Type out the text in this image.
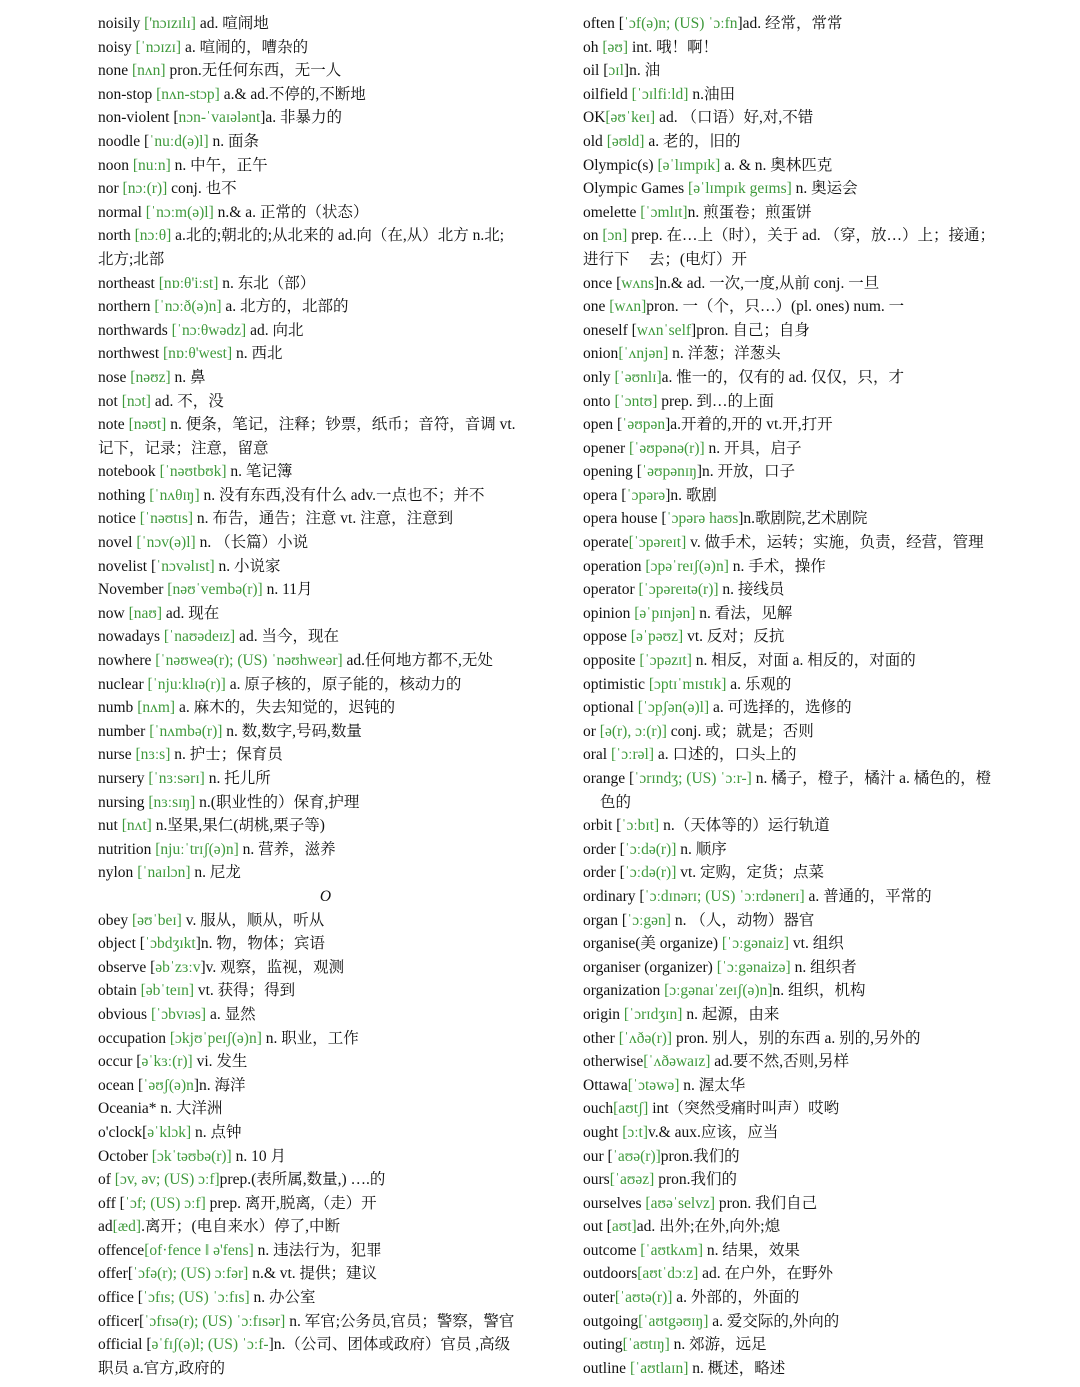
noisily ['nɔɪzɪlɪ] ad. 喧闹地
noisy [ˈnɔɪzɪ] a. 喧闹的，嘈杂的
none [nʌn] pron.无任何东西，无一人
non-stop [nʌn-stɔp] a.& ad.不停的,不断地
non-violent [nɔn-ˈvaɪələnt]a. 非暴力的
noodle [ˈnuːd(ə)l] n. 面条
noon [nuːn] n. 中午，正午
nor [nɔː(r)] conj. 也不
normal [ˈnɔːm(ə)l] n.& a. 正常的（状态）
north [nɔːθ] a.北的;朝北的;从北来的 ad.向（在,从）北方 n.北;
北方;北部
northeast [nɒːθ'iːst] n. 东北（部）
northern [ˈnɔːð(ə)n] a. 北方的，北部的
northwards [ˈnɔːθwədz] ad. 向北
northwest [nɒːθ'west] n. 西北
nose [nəʊz] n. 鼻
not [nɔt] ad. 不，没
note [nəʊt] n. 便条，笔记，注释；钞票，纸币；音符，音调 vt.
记下，记录；注意，留意
notebook [ˈnəʊtbʊk] n. 笔记簿
nothing [ˈnʌθɪŋ] n. 没有东西,没有什么 adv.一点也不；并不
notice [ˈnəʊtɪs] n. 布告，通告；注意 vt. 注意，注意到
novel [ˈnɔv(ə)l] n. （长篇）小说
novelist [ˈnɔvəlɪst] n. 小说家
November [nəʊˈvembə(r)] n. 11月
now [naʊ] ad. 现在
nowadays [ˈnaʊədeɪz] ad. 当今，现在
nowhere [ˈnəʊweə(r); (US) ˈnəʊhweər] ad.任何地方都不,无处
nuclear [ˈnjuːklɪə(r)] a. 原子核的，原子能的，核动力的
numb [nʌm] a. 麻木的，失去知觉的，迟钝的
number [ˈnʌmbə(r)] n. 数,数字,号码,数量
nurse [nɜːs] n. 护士；保育员
nursery [ˈnɜːsərɪ] n. 托儿所
nursing [nɜːsɪŋ] n.(职业性的）保育,护理
nut [nʌt] n.坚果,果仁(胡桃,栗子等)
nutrition [njuːˈtrɪʃ(ə)n] n. 营养，滋养
nylon [ˈnaɪlɔn] n. 尼龙
O
obey [əʊˈbeɪ] v. 服从，顺从，听从
object [ˈɔbdʒɪkt]n. 物，物体；宾语
observe [əbˈzɜːv]v. 观察，监视，观测
obtain [əbˈteɪn] vt. 获得；得到
obvious [ˈɔbvɪəs] a. 显然
occupation [ɔkjʊˈpeɪʃ(ə)n] n. 职业，工作
occur [əˈkɜː(r)] vi. 发生
ocean [ˈəʊʃ(ə)n]n. 海洋
Oceania* n. 大洋洲
o'clock[əˈklɔk] n. 点钟
October [ɔkˈtəʊbə(r)] n. 10 月
of [ɔv, əv; (US) ɔːf]prep.(表所属,数量,) ….的
off [ˈɔf; (US) ɔːf] prep. 离开,脱离,（走）开
ad[æd].离开；(电自来水）停了,中断
offence[of·fence ‖ ə'fens] n. 违法行为，犯罪
offer[ˈɔfə(r); (US) ɔːfər] n.& vt. 提供；建议
office [ˈɔfɪs; (US) ˈɔːfɪs] n. 办公室
officer[ˈɔfɪsə(r); (US) ˈɔːfɪsər] n. 军官;公务员,官员；警察，警官
official [əˈfɪʃ(ə)l; (US) ˈɔːf-]n.（公司、团体或政府）官员 ,高级
职员 a.官方,政府的
often [ˈɔf(ə)n; (US) ˈɔːfn]ad. 经常，常常
oh [əʊ] int. 哦！啊！
oil [ɔɪl]n. 油
oilfield [ˈɔɪlfiːld] n.油田
OK[əʊˈkeɪ] ad. （口语）好,对,不错
old [əʊld] a. 老的，旧的
Olympic(s) [əˈlɪmpɪk] a. & n. 奥林匹克
Olympic Games [əˈlɪmpɪk geɪms] n. 奥运会
omelette [ˈɔmlɪt]n. 煎蛋卷；煎蛋饼
on [ɔn] prep. 在…上（时），关于 ad. （穿，放…）上；接通；
进行下　 去；(电灯）开
once [wʌns]n.& ad. 一次,一度,从前 conj. 一旦
one [wʌn]pron. 一（个，只…）(pl. ones) num. 一
oneself [wʌnˈself]pron. 自己；自身
onion[ˈʌnjən] n. 洋葱；洋葱头
only [ˈəʊnlɪ]a. 惟一的，仅有的 ad. 仅仅，只，才
onto [ˈɔntʊ] prep. 到…的上面
open [ˈəʊpən]a.开着的,开的 vt.开,打开
opener [ˈəʊpənə(r)] n. 开具，启子
opening [ˈəʊpənɪŋ]n. 开放，口子
opera [ˈɔpərə]n. 歌剧
opera house [ˈɔpərə haʊs]n.歌剧院,艺术剧院
operate[ˈɔpəreɪt] v. 做手术，运转；实施，负责，经营，管理
operation [ɔpəˈreɪʃ(ə)n] n. 手术，操作
operator [ˈɔpəreɪtə(r)] n. 接线员
opinion [əˈpɪnjən] n. 看法，见解
oppose [əˈpəʊz] vt. 反对；反抗
opposite [ˈɔpəzɪt] n. 相反，对面 a. 相反的，对面的
optimistic [ɔptɪˈmɪstɪk] a. 乐观的
optional [ˈɔpʃən(ə)l] a. 可选择的，选修的
or [ə(r), ɔː(r)] conj. 或；就是；否则
oral [ˈɔːrəl] a. 口述的，口头上的
orange [ˈɔrɪndʒ; (US) ˈɔːr-] n. 橘子，橙子，橘汁 a. 橘色的，橙
色的
orbit [ˈɔːbɪt] n.（天体等的）运行轨道
order [ˈɔːdə(r)] n. 顺序
order [ˈɔːdə(r)] vt. 定购，定货；点菜
ordinary [ˈɔːdɪnərɪ; (US) ˈɔːrdənerɪ] a. 普通的，平常的
organ [ˈɔːgən] n. （人，动物）器官
organise(美 organize) [ˈɔːgənaiz] vt. 组织
organiser (organizer) [ˈɔːgənaizə] n. 组织者
organization [ɔːgənaɪˈzeɪʃ(ə)n]n. 组织，机构
origin [ˈɔrɪdʒɪn] n. 起源，由来
other [ˈʌðə(r)] pron. 别人，别的东西 a. 别的,另外的
otherwise[ˈʌðəwaɪz] ad.要不然,否则,另样
Ottawa[ˈɔtəwə] n. 渥太华
ouch[aʊtʃ] int（突然受痛时叫声）哎哟
ought [ɔːt]v.& aux.应该，应当
our [ˈaʊə(r)]pron.我们的
ours[ˈaʊəz] pron.我们的
ourselves [aʊəˈselvz] pron. 我们自己
out [aʊt]ad. 出外;在外,向外;熄
outcome [ˈaʊtkʌm] n. 结果，效果
outdoors[aʊtˈdɔːz] ad. 在户外，在野外
outer[ˈaʊtə(r)] a. 外部的，外面的
outgoing[ˈaʊtgəʊɪŋ] a. 爱交际的,外向的
outing[ˈaʊtɪŋ] n. 郊游，远足
outline [ˈaʊtlaɪn] n. 概述，略述
